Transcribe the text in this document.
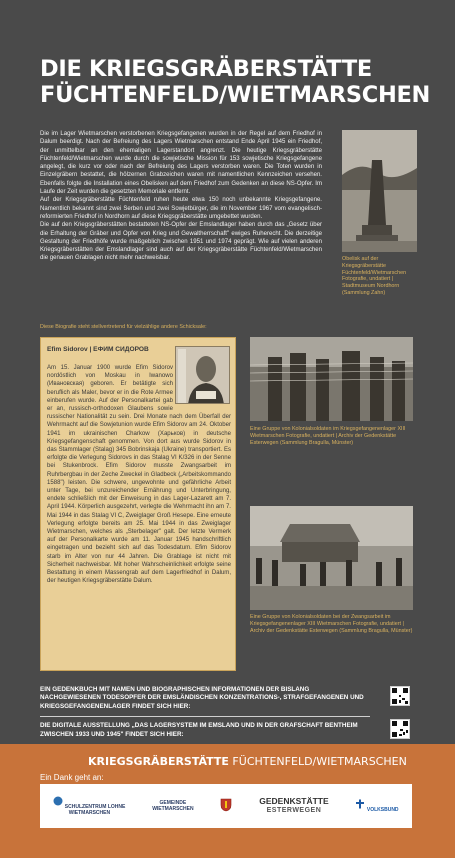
DIE KRIEGSGRÄBERSTÄTTE
FÜCHTENFELD/WIETMARSCHEN

Die im Lager Wietmarschen verstorbenen Kriegsgefangenen wurden in der Regel auf dem Friedhof in Dalum beerdigt. Nach der Befreiung des Lagers Wietmarschen entstand Ende April 1945 ein Friedhof, der unmittelbar an den ehemaligen Lagerstandort angrenzt. Die heutige Kriegsgräberstätte Füchtenfeld/Wietmarschen wurde durch die sowjetische Mission für 153 sowjetische Kriegsgefangene angelegt, die kurz vor oder nach der Befreiung des Lagers verstorben waren. Die Toten wurden in Einzelgräbern bestattet, die hölzernen Grabzeichen waren mit namentlichen Kennzeichen versehen. Ebenfalls folgte die Installation eines Obelisken auf dem Friedhof zum Gedenken an diese NS-Opfer. Im Laufe der Zeit wurden die gesetzten Memoriale entfernt.

Auf der Kriegsgräberstätte Füchtenfeld ruhen heute etwa 150 noch unbekannte Kriegsgefangene. Namentlich bekannt sind zwei Serben und zwei Sowjetbürger, die im November 1967 vom evangelisch-reformierten Friedhof in Nordhorn auf diese Kriegsgräberstätte umgebettet wurden.

Die auf den Kriegsgräberstätten bestatteten NS-Opfer der Emslandlager haben durch das „Gesetz über die Erhaltung der Gräber und Opfer von Krieg und Gewaltherrschaft" ewiges Ruherecht. Die derzeitige Gestaltung der Friedhöfe wurde maßgeblich zwischen 1951 und 1974 geprägt. Wie auf vielen anderen Kriegsgräberstätten der Emslandlager sind auch auf der Kriegsgräberstätte Füchtenfeld/Wietmarschen die genauen Grablagen nicht mehr nachweisbar.	Obelisk auf der Kriegsgräberstätte Füchtenfeld/Wietmarschen Fotografie, undatiert | Stadtmuseum Nordhorn (Sammlung Zahn)
Diese Biografie steht stellvertretend für vielzählige andere Schicksale:
Efim Sidorov | ЕФИМ СИДОРОВ
Am 15. Januar 1900 wurde Efim Sidorov nordöstlich von Moskau in Iwanowo (Ивановская) geboren. Er betätigte sich beruflich als Maler, bevor er in die Rote Armee einberufen wurde. Auf der Personalkartei gab er an, russisch-orthodoxen Glaubens sowie russischer Nationalität zu sein. Drei Monate nach dem Überfall der Wehrmacht auf die Sowjetunion wurde Efim Sidorov am 24. Oktober 1941 im ukrainischen Charkow (Харьков) in deutsche Kriegsgefangenschaft genommen. Von dort aus wurde Sidorov in das Stammlager (Stalag) 345 Bobrinskaja (Ukraine) transportiert. Es erfolgte die Verlegung Sidorovs in das Stalag VI K/326 in der Senne bei Stukenbrock. Efim Sidorov musste Zwangsarbeit im Ruhrbergbau in der Zeche Zweckel in Gladbeck („Arbeitskommando 1588") leisten. Die schwere, ungewohnte und gefährliche Arbeit unter Tage, bei unzureichender Ernährung und Unterbringung, endete schließlich mit der Einweisung in das Lager-Lazarett am 7. April 1944. Körperlich ausgezehrt, verlegte die Wehrmacht ihn am 7. Mai 1944 in das Stalag VI C, Zweiglager Groß Hesepe. Eine erneute Verlegung erfolgte bereits am 25. Mai 1944 in das Zweiglager Wietmarschen, welches als „Sterbelager" galt. Der letzte Vermerk auf der Personalkarte wurde am 11. Januar 1945 handschriftlich eingetragen und bezieht sich auf das Todesdatum. Efim Sidorov starb im Alter von nur 44 Jahren. Die Grablage ist nicht mit Sicherheit nachweisbar. Mit hoher Wahrscheinlichkeit erfolgte seine Bestattung in einem Massengrab auf dem Lagerfriedhof in Dalum, der heutigen Kriegsgräberstätte Dalum.
Eine Gruppe von Kolonialsoldaten im Kriegsgefangenenlager XIII Wietmarschen Fotografie, undatiert | Archiv der Gedenkstätte Esterwegen (Sammlung Bragulla, Münster)
Eine Gruppe von Kolonialsoldaten bei der Zwangsarbeit im Kriegsgefangenenlager XIII Wietmarschen Fotografie, undatiert | Archiv der Gedenkstätte Esterwegen (Sammlung Bragulla, Münster)
EIN GEDENKBUCH MIT NAMEN UND BIOGRAPHISCHEN INFORMATIONEN DER BISLANG NACHGEWIESENEN TODESOPFER DER EMSLÄNDISCHEN KONZENTRATIONS-, STRAFGEFANGENEN UND KRIEGSGEFANGENENLAGER FINDET SICH HIER:
DIE DIGITALE AUSSTELLUNG „DAS LAGERSYSTEM IM EMSLAND UND IN DER GRAFSCHAFT BENTHEIM ZWISCHEN 1933 UND 1945" FINDET SICH HIER:
KRIEGSGRÄBERSTÄTTE FÜCHTENFELD/WIETMARSCHEN
Ein Dank geht an:
SCHULZENTRUM LOHNE
WIETMARSCHEN
GEMEINDE
WIETMARSCHEN
GEDENKSTÄTTE
ESTERWEGEN	VOLKSBUND
